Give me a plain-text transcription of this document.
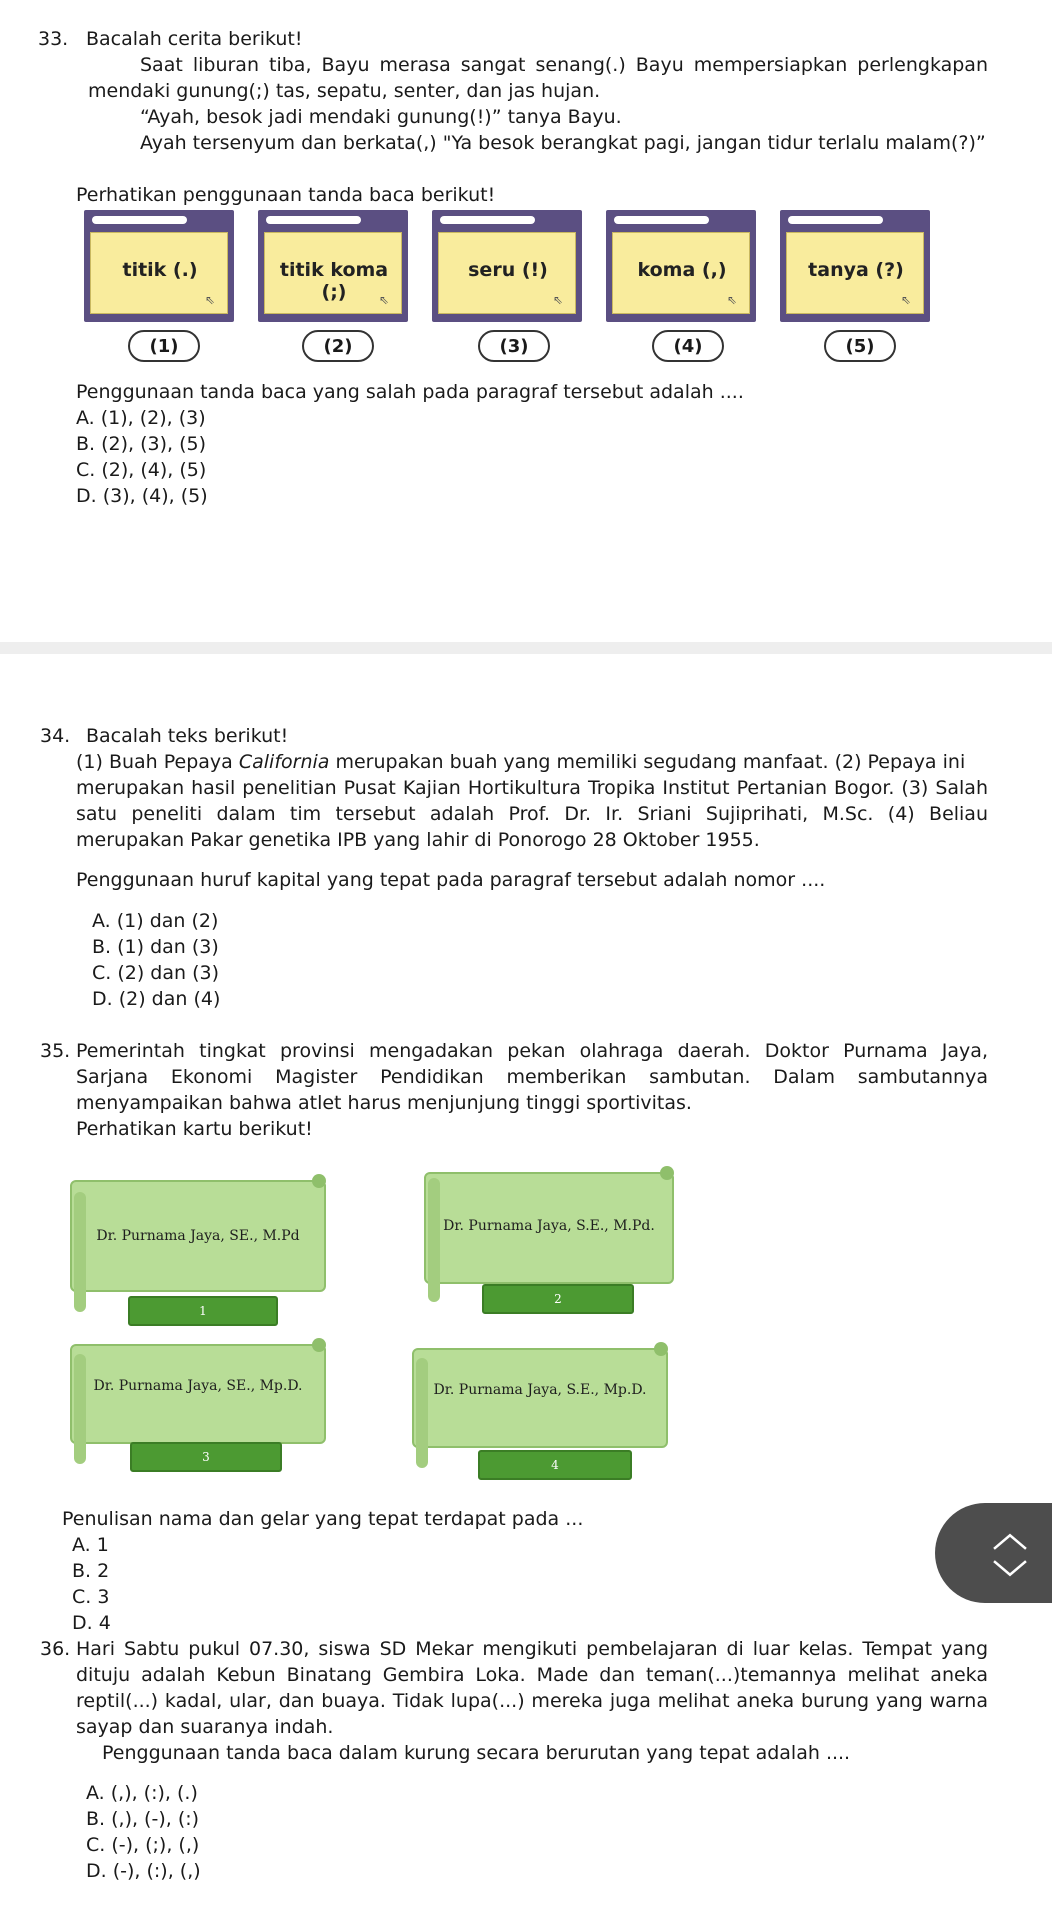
33. Bacalah cerita berikut!
Saat liburan tiba, Bayu merasa sangat senang(.) Bayu mempersiapkan perlengkapan
mendaki gunung(;) tas, sepatu, senter, dan jas hujan.
“Ayah, besok jadi mendaki gunung(!)” tanya Bayu.
Ayah tersenyum dan berkata(,) "Ya besok berangkat pagi, jangan tidur terlalu malam(?)”
Perhatikan penggunaan tanda baca berikut!
titik (.)
⇖
titik koma (;)	⇖
seru (!)
⇖
koma (,)
⇖
tanya (?)
⇖
(1)	(2)	(3)	(4)	(5)
Penggunaan tanda baca yang salah pada paragraf tersebut adalah ....
A. (1), (2), (3)
B. (2), (3), (5)
C. (2), (4), (5)
D. (3), (4), (5)
34. Bacalah teks berikut!
(1) Buah Pepaya California merupakan buah yang memiliki segudang manfaat. (2) Pepaya ini
merupakan hasil penelitian Pusat Kajian Hortikultura Tropika Institut Pertanian Bogor. (3) Salah
satu peneliti dalam tim tersebut adalah Prof. Dr. Ir. Sriani Sujiprihati, M.Sc. (4) Beliau
merupakan Pakar genetika IPB yang lahir di Ponorogo 28 Oktober 1955.
Penggunaan huruf kapital yang tepat pada paragraf tersebut adalah nomor ....
A. (1) dan (2)
B. (1) dan (3)
C. (2) dan (3)
D. (2) dan (4)
35. Pemerintah tingkat provinsi mengadakan pekan olahraga daerah. Doktor Purnama Jaya,
Sarjana Ekonomi Magister Pendidikan memberikan sambutan. Dalam sambutannya
menyampaikan bahwa atlet harus menjunjung tinggi sportivitas.
Perhatikan kartu berikut!
Dr. Purnama Jaya, SE., M.Pd
1
Dr. Purnama Jaya, S.E., M.Pd.
2
Dr. Purnama Jaya, SE., Mp.D.
3
Dr. Purnama Jaya, S.E., Mp.D.
4
Penulisan nama dan gelar yang tepat terdapat pada ...
A. 1
B. 2
C. 3
D. 4
︿
﹀
36. Hari Sabtu pukul 07.30, siswa SD Mekar mengikuti pembelajaran di luar kelas. Tempat yang
dituju adalah Kebun Binatang Gembira Loka. Made dan teman(...)temannya melihat aneka
reptil(...) kadal, ular, dan buaya. Tidak lupa(...) mereka juga melihat aneka burung yang warna
sayap dan suaranya indah.
Penggunaan tanda baca dalam kurung secara berurutan yang tepat adalah ....
A. (,), (:), (.)
B. (,), (-), (:)
C. (-), (;), (,)
D. (-), (:), (,)
